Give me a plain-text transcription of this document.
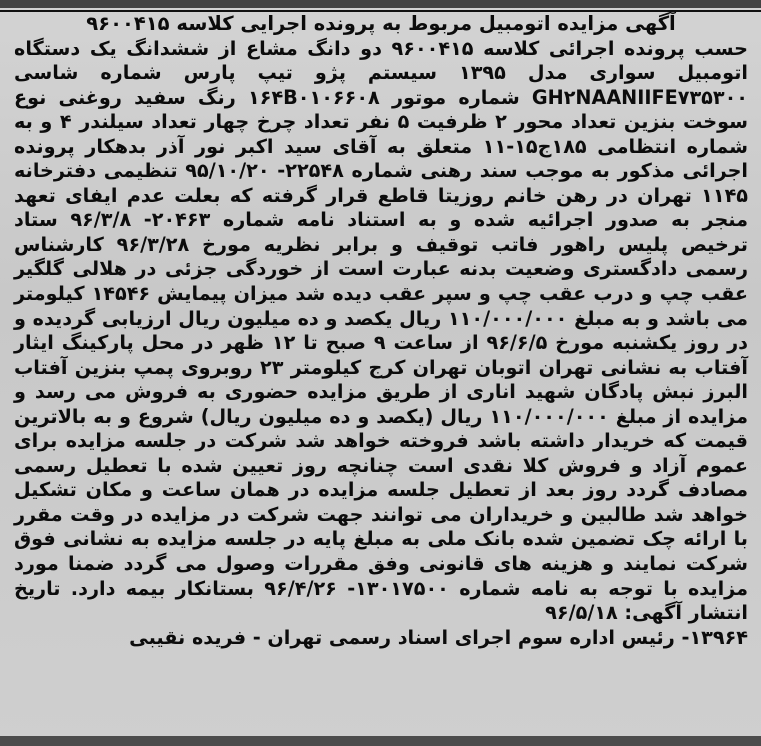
آگهی مزایده اتومبیل مربوط به پرونده اجرایی کلاسه ۹۶۰۰۴۱۵
حسب پرونده اجرائی کلاسه ۹۶۰۰۴۱۵ دو دانگ مشاع از ششدانگ یک دستگاه اتومبیل سواری مدل ۱۳۹۵ سیستم پژو تیپ پارس شماره شاسی GH۲NAANIIFE۷۳۵۳۰۰ شماره موتور ۱۶۴B۰۱۰۶۶۰۸ رنگ سفید روغنی نوع سوخت بنزین تعداد محور ۲ ظرفیت ۵ نفر تعداد چرخ چهار تعداد سیلندر ۴ و به شماره انتظامی ۱۸۵ج۱۵-۱۱ متعلق به آقای سید اکبر نور آذر بدهکار پرونده اجرائی مذکور به موجب سند رهنی شماره ۲۲۵۴۸- ۹۵/۱۰/۲۰ تنظیمی دفترخانه ۱۱۴۵ تهران در رهن خانم روزیتا قاطع قرار گرفته که بعلت عدم ایفای تعهد منجر به صدور اجرائیه شده و به استناد نامه شماره ۲۰۴۶۳- ۹۶/۳/۸ ستاد ترخیص پلیس راهور فاتب توقیف و برابر نظریه مورخ ۹۶/۳/۲۸ کارشناس رسمی دادگستری وضعیت بدنه عبارت است از خوردگی جزئی در هلالی گلگیر عقب چپ و درب عقب چپ و سپر عقب دیده شد میزان پیمایش ۱۴۵۴۶ کیلومتر می باشد و به مبلغ ۱۱۰/۰۰۰/۰۰۰ ریال یکصد و ده میلیون ریال ارزیابی گردیده و در روز یکشنبه مورخ ۹۶/۶/۵ از ساعت ۹ صبح تا ۱۲ ظهر در محل پارکینگ ایثار آفتاب به نشانی تهران اتوبان تهران کرج کیلومتر ۲۳ روبروی پمپ بنزین آفتاب البرز نبش پادگان شهید اناری از طریق مزایده حضوری به فروش می رسد و مزایده از مبلغ ۱۱۰/۰۰۰/۰۰۰ ریال (یکصد و ده میلیون ریال) شروع و به بالاترین قیمت که خریدار داشته باشد فروخته خواهد شد شرکت در جلسه مزایده برای عموم آزاد و فروش کلا نقدی است چنانچه روز تعیین شده با تعطیل رسمی مصادف گردد روز بعد از تعطیل جلسه مزایده در همان ساعت و مکان تشکیل خواهد شد طالبین و خریداران می توانند جهت شرکت در مزایده در وقت مقرر با ارائه چک تضمین شده بانک ملی به مبلغ پایه در جلسه مزایده به نشانی فوق شرکت نمایند و هزینه های قانونی وفق مقررات وصول می گردد ضمنا مورد مزایده با توجه به نامه شماره ۱۳۰۱۷۵۰۰- ۹۶/۴/۲۶ بستانکار بیمه دارد. تاریخ انتشار آگهی: ۹۶/۵/۱۸
۱۳۹۶۴- رئیس اداره سوم اجرای اسناد رسمی تهران - فریده نقیبی
